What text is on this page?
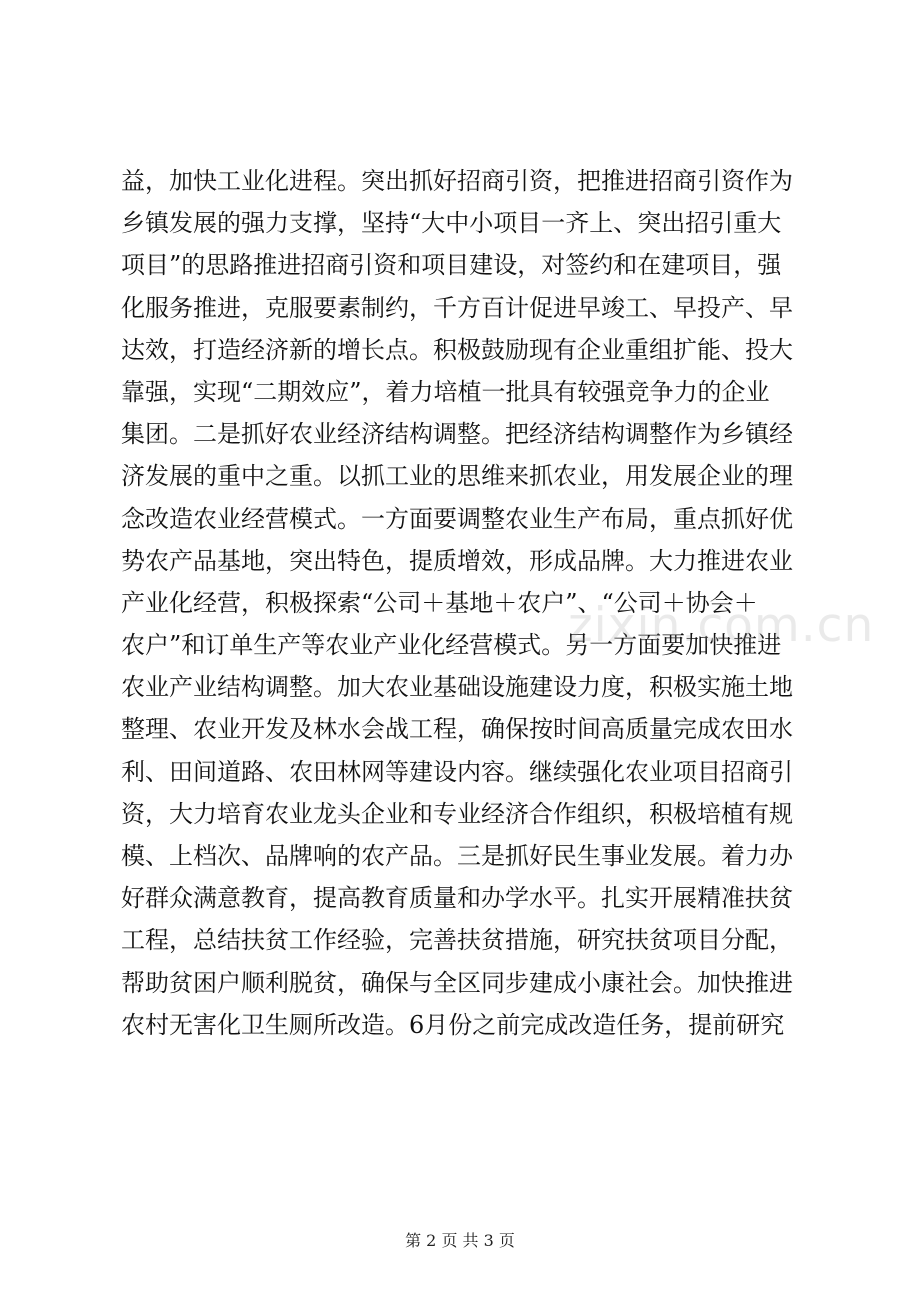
益，加快工业化进程。突出抓好招商引资，把推进招商引资作为
乡镇发展的强力支撑，坚持“大中小项目一齐上、突出招引重大
项目”的思路推进招商引资和项目建设，对签约和在建项目，强
化服务推进，克服要素制约，千方百计促进早竣工、早投产、早
达效，打造经济新的增长点。积极鼓励现有企业重组扩能、投大
靠强，实现“二期效应”，着力培植一批具有较强竞争力的企业
集团。二是抓好农业经济结构调整。把经济结构调整作为乡镇经
济发展的重中之重。以抓工业的思维来抓农业，用发展企业的理
念改造农业经营模式。一方面要调整农业生产布局，重点抓好优
势农产品基地，突出特色，提质增效，形成品牌。大力推进农业
产业化经营，积极探索“公司＋基地＋农户”、“公司＋协会＋
农户”和订单生产等农业产业化经营模式。另一方面要加快推进
农业产业结构调整。加大农业基础设施建设力度，积极实施土地
整理、农业开发及林水会战工程，确保按时间高质量完成农田水
利、田间道路、农田林网等建设内容。继续强化农业项目招商引
资，大力培育农业龙头企业和专业经济合作组织，积极培植有规
模、上档次、品牌响的农产品。三是抓好民生事业发展。着力办
好群众满意教育，提高教育质量和办学水平。扎实开展精准扶贫
工程，总结扶贫工作经验，完善扶贫措施，研究扶贫项目分配，
帮助贫困户顺利脱贫，确保与全区同步建成小康社会。加快推进
农村无害化卫生厕所改造。6月份之前完成改造任务，提前研究
zixin.com.cn
第 2 页 共 3 页
